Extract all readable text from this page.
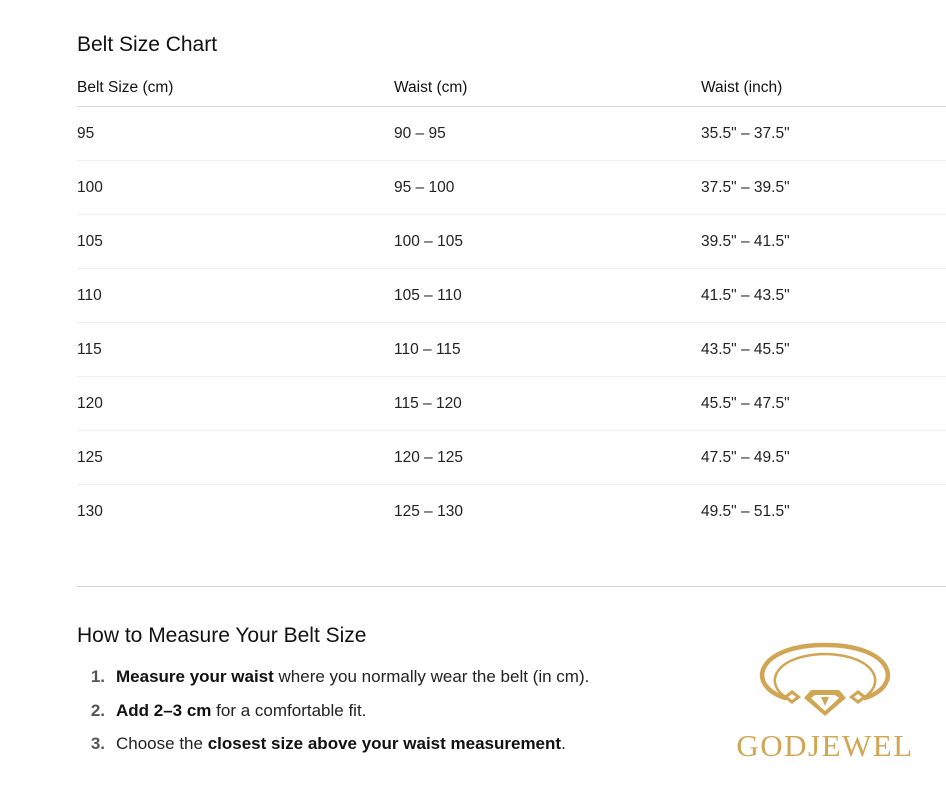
Belt Size Chart
Belt Size (cm)	Waist (cm)	Waist (inch)
95	90 – 95	35.5" – 37.5"
100	95 – 100	37.5" – 39.5"
105	100 – 105	39.5" – 41.5"
110	105 – 110	41.5" – 43.5"
115	110 – 115	43.5" – 45.5"
120	115 – 120	45.5" – 47.5"
125	120 – 125	47.5" – 49.5"
130	125 – 130	49.5" – 51.5"
How to Measure Your Belt Size
1. Measure your waist where you normally wear the belt (in cm).
2. Add 2–3 cm for a comfortable fit.
3. Choose the closest size above your waist measurement.	GODJEWEL
